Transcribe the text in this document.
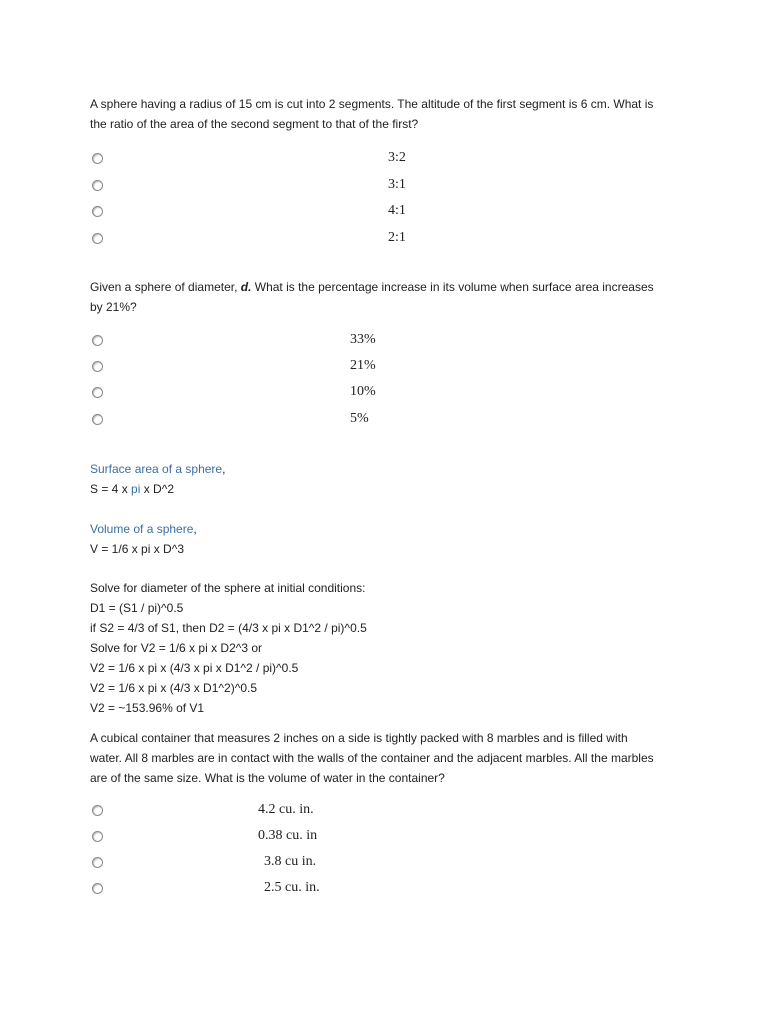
A sphere having a radius of 15 cm is cut into 2 segments. The altitude of the first segment is 6 cm. What is the ratio of the area of the second segment to that of the first?
3:2
3:1
4:1
2:1
Given a sphere of diameter, d. What is the percentage increase in its volume when surface area increases by 21%?
33%
21%
10%
5%
Surface area of a sphere,
S = 4 x pi x D^2
Volume of a sphere,
V = 1/6 x pi x D^3
Solve for diameter of the sphere at initial conditions:
D1 = (S1 / pi)^0.5
if S2 = 4/3 of S1, then D2 = (4/3 x pi x D1^2 / pi)^0.5
Solve for V2 = 1/6 x pi x D2^3 or
V2 = 1/6 x pi x (4/3 x pi x D1^2 / pi)^0.5
V2 = 1/6 x pi x (4/3 x D1^2)^0.5
V2 = ~153.96% of V1
A cubical container that measures 2 inches on a side is tightly packed with 8 marbles and is filled with water. All 8 marbles are in contact with the walls of the container and the adjacent marbles. All the marbles are of the same size. What is the volume of water in the container?
4.2 cu. in.
0.38 cu. in
3.8 cu in.
2.5 cu. in.
